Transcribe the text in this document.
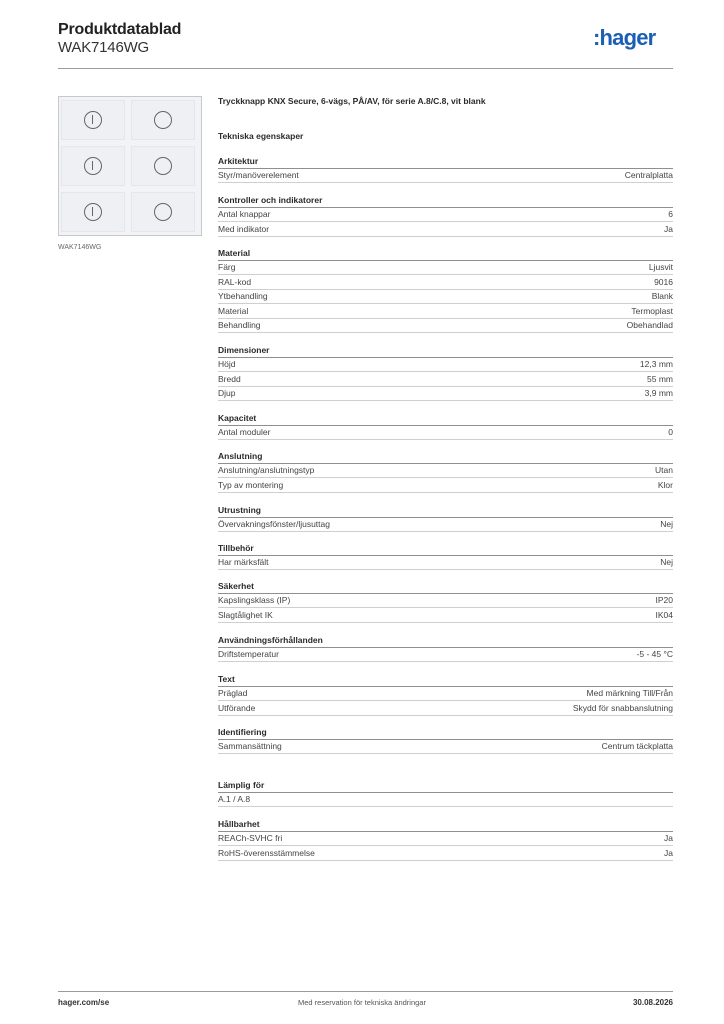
Produktdatablad
WAK7146WG	:hager
WAK7146WG
Tryckknapp KNX Secure, 6-vägs, PÅ/AV, för serie A.8/C.8, vit blank
Tekniska egenskaper
Arkitektur
Styr/manöverelement	Centralplatta
Kontroller och indikatorer
Antal knappar	6
Med indikator	Ja
Material
Färg	Ljusvit
RAL-kod	9016
Ytbehandling	Blank
Material	Termoplast
Behandling	Obehandlad
Dimensioner
Höjd	12,3 mm
Bredd	55 mm
Djup	3,9 mm
Kapacitet
Antal moduler	0
Anslutning
Anslutning/anslutningstyp	Utan
Typ av montering	Klor
Utrustning
Övervakningsfönster/ljusuttag	Nej
Tillbehör
Har märksfält	Nej
Säkerhet
Kapslingsklass (IP)	IP20
Slagtålighet IK	IK04
Användningsförhållanden
Driftstemperatur	-5 - 45 °C
Text
Präglad	Med märkning Till/Från
Utförande	Skydd för snabbanslutning
Identifiering
Sammansättning	Centrum täckplatta
Lämplig för
A.1 / A.8
Hållbarhet
REACh-SVHC fri	Ja
RoHS-överensstämmelse	Ja
hager.com/se	Med reservation för tekniska ändringar	30.08.2026
